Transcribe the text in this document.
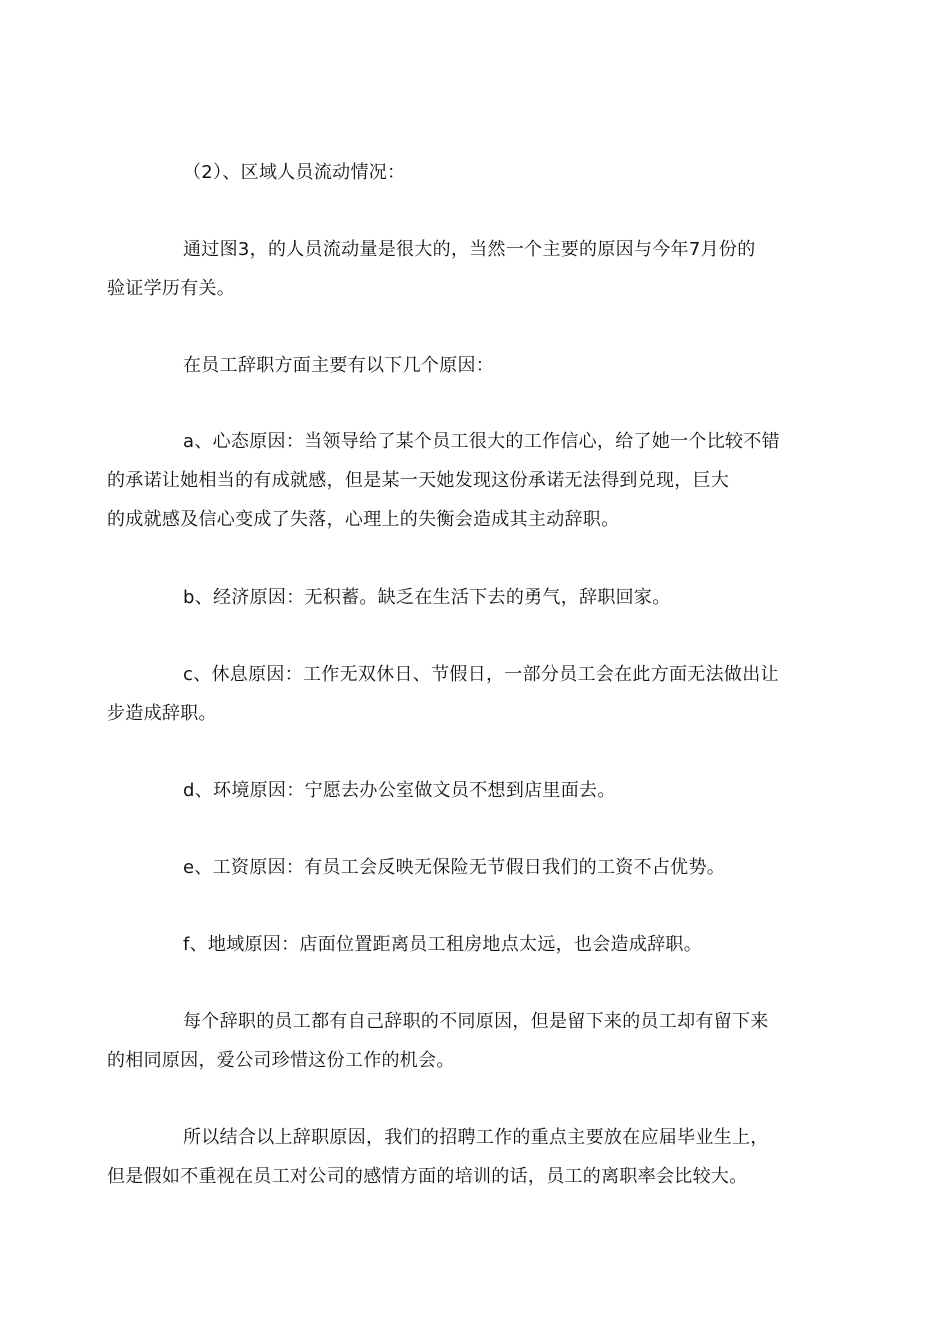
（2）、区域人员流动情况：

通过图3，的人员流动量是很大的，当然一个主要的原因与今年7月份的
验证学历有关。

在员工辞职方面主要有以下几个原因：

a、心态原因：当领导给了某个员工很大的工作信心，给了她一个比较不错
的承诺让她相当的有成就感，但是某一天她发现这份承诺无法得到兑现，巨大
的成就感及信心变成了失落，心理上的失衡会造成其主动辞职。

b、经济原因：无积蓄。缺乏在生活下去的勇气，辞职回家。

c、休息原因：工作无双休日、节假日，一部分员工会在此方面无法做出让
步造成辞职。

d、环境原因：宁愿去办公室做文员不想到店里面去。

e、工资原因：有员工会反映无保险无节假日我们的工资不占优势。

f、地域原因：店面位置距离员工租房地点太远，也会造成辞职。

每个辞职的员工都有自己辞职的不同原因，但是留下来的员工却有留下来
的相同原因，爱公司珍惜这份工作的机会。

所以结合以上辞职原因，我们的招聘工作的重点主要放在应届毕业生上，
但是假如不重视在员工对公司的感情方面的培训的话，员工的离职率会比较大。
